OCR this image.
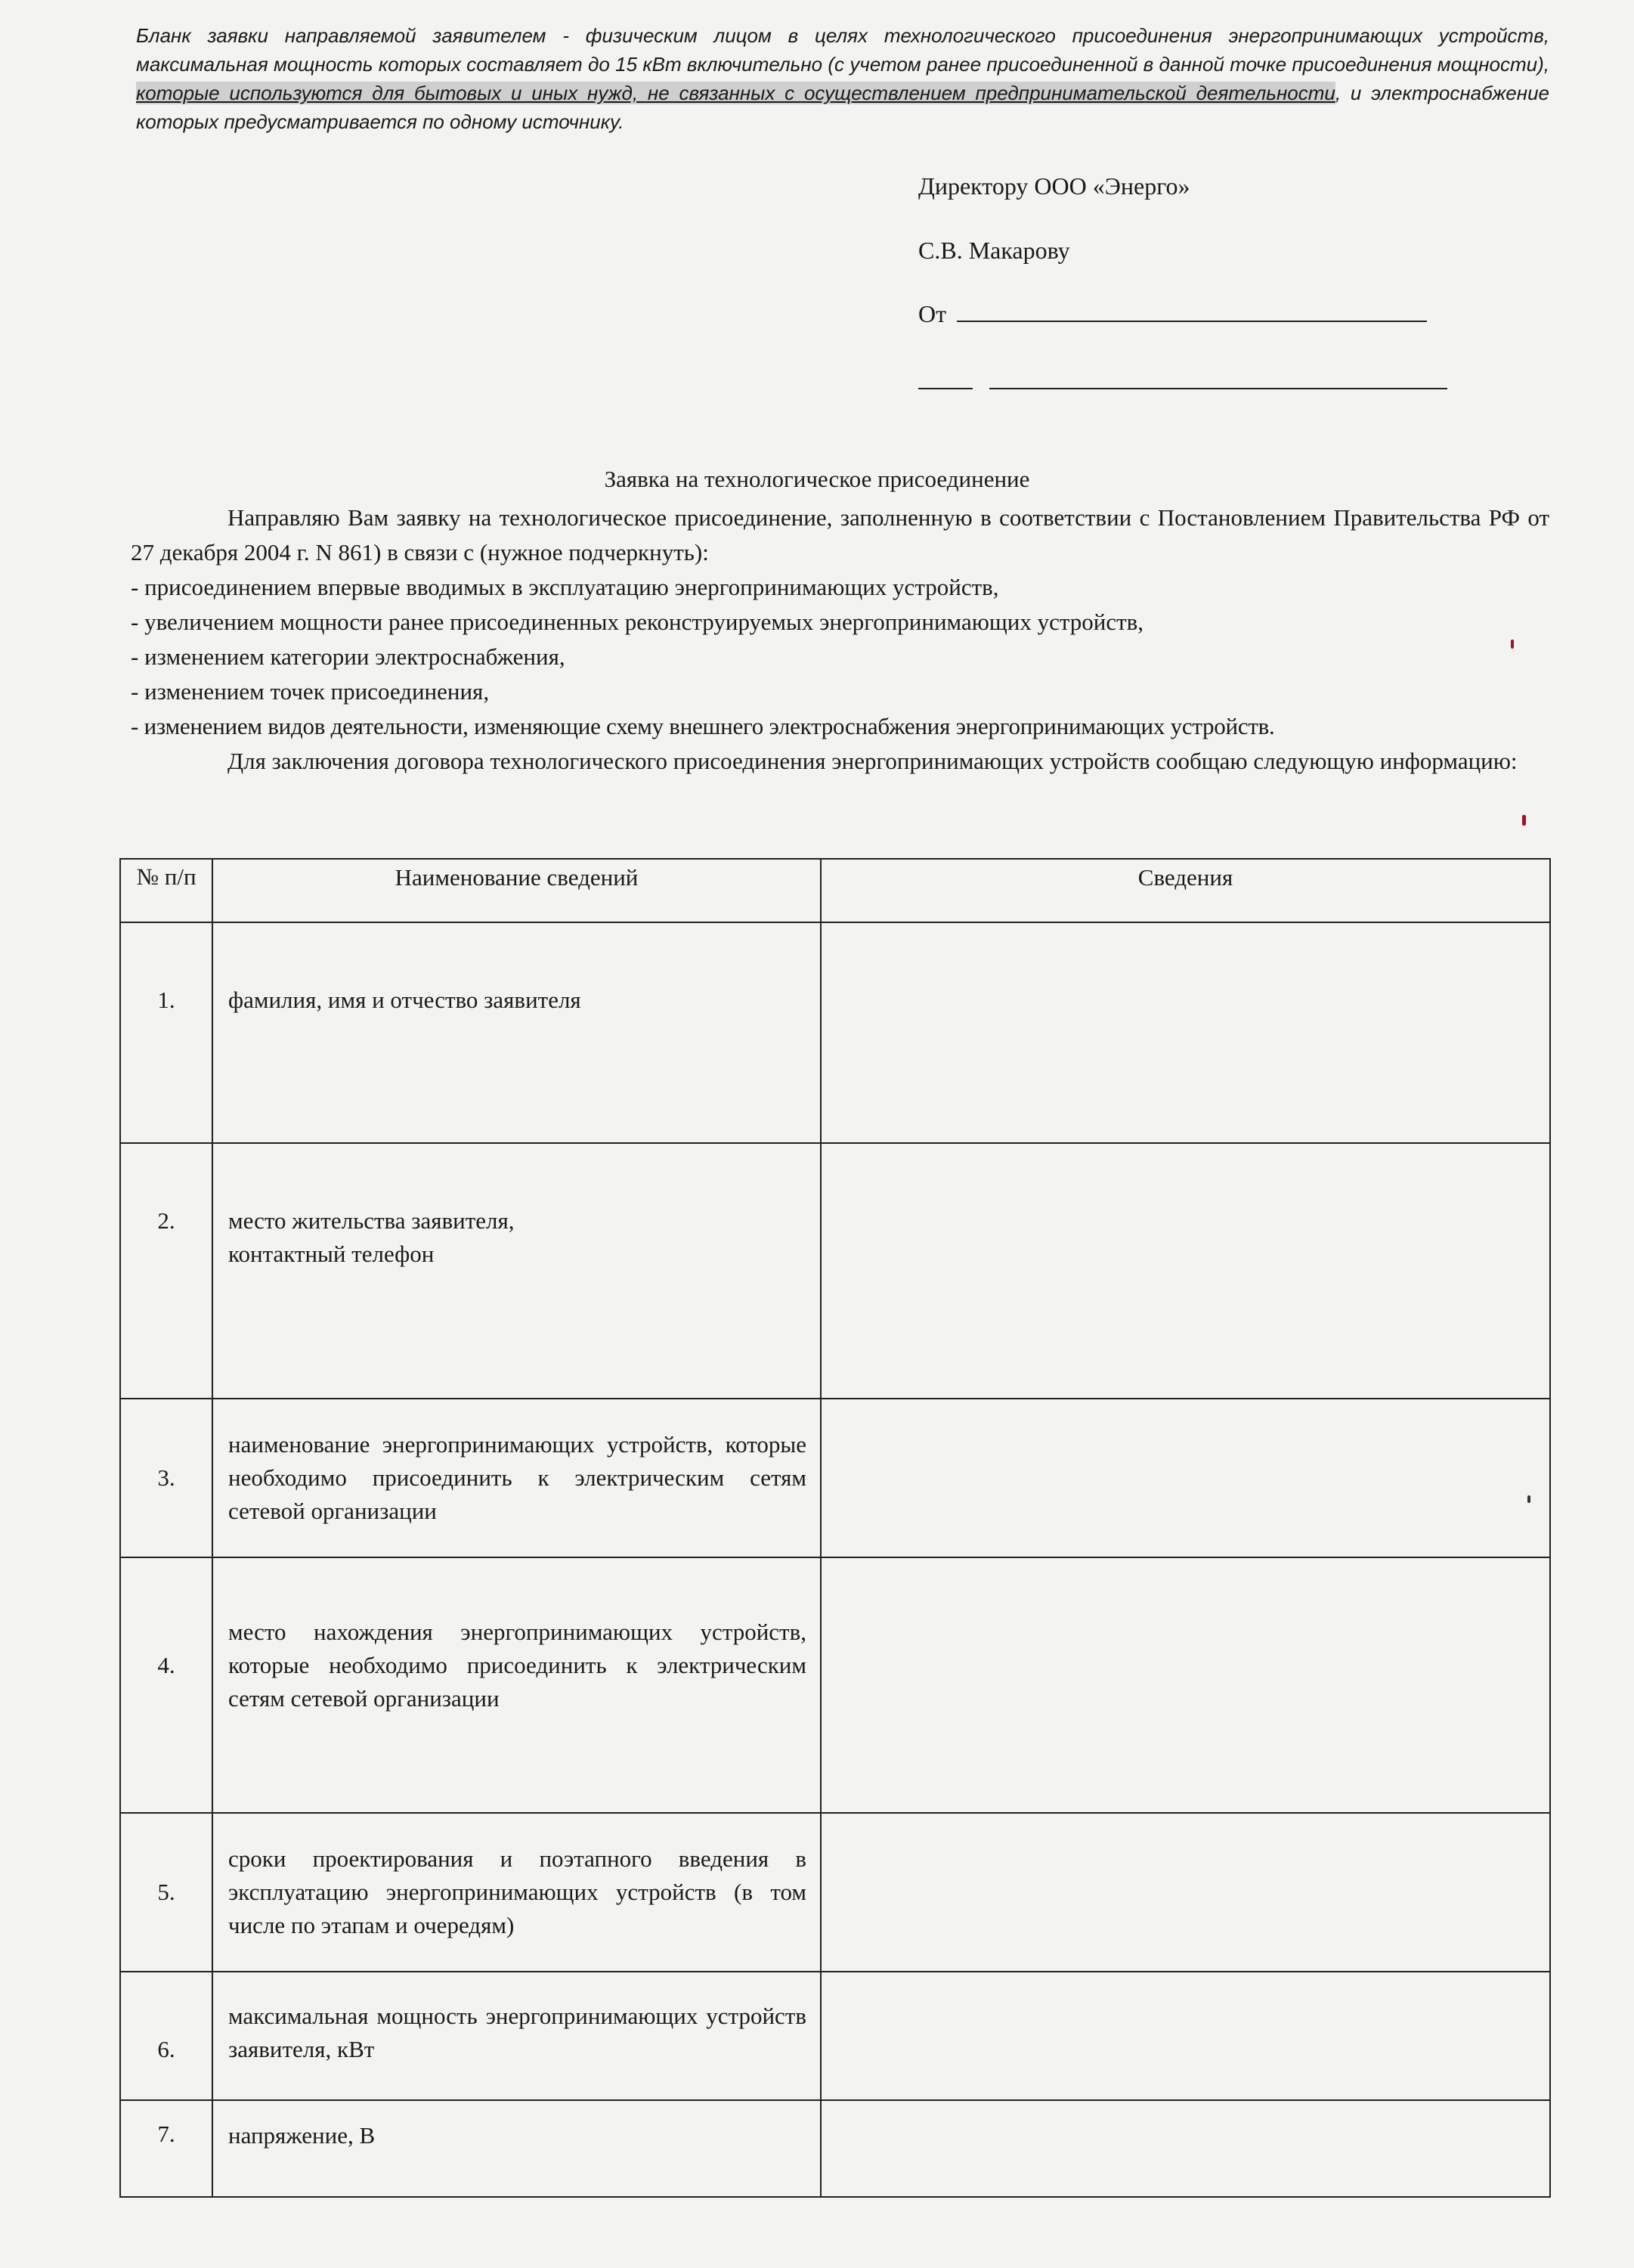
Бланк заявки направляемой заявителем - физическим лицом в целях технологического присоединения энергопринимающих устройств, максимальная мощность которых составляет до 15 кВт включительно (с учетом ранее присоединенной в данной точке присоединения мощности), которые используются для бытовых и иных нужд, не связанных с осуществлением предпринимательской деятельности, и электроснабжение которых предусматривается по одному источнику.
Директору ООО «Энерго»
С.В. Макарову
От

Заявка на технологическое присоединение
Направляю Вам заявку на технологическое присоединение, заполненную в соответствии с Постановлением Правительства РФ от 27 декабря 2004 г. N 861) в связи с (нужное подчеркнуть):
- присоединением впервые вводимых в эксплуатацию энергопринимающих устройств,
- увеличением мощности ранее присоединенных реконструируемых энергопринимающих устройств,
- изменением категории электроснабжения,
- изменением точек присоединения,
- изменением видов деятельности, изменяющие схему внешнего электроснабжения энергопринимающих устройств.
Для заключения договора технологического присоединения энергопринимающих устройств сообщаю следующую информацию:
№ п/п	Наименование сведений	Сведения
1.	фамилия, имя и отчество заявителя	
2.	место жительства заявителя,
контактный телефон	

3.	наименование энергопринимающих устройств, которые необходимо присоединить к электрическим сетям сетевой организации	
4.	место нахождения энергопринимающих устройств, которые необходимо присоединить к электрическим сетям сетевой организации	
5.	сроки проектирования и поэтапного введения в эксплуатацию энергопринимающих устройств (в том числе по этапам и очередям)	
6.	максимальная мощность энергопринимающих устройств заявителя, кВт	
7.	напряжение, В	
